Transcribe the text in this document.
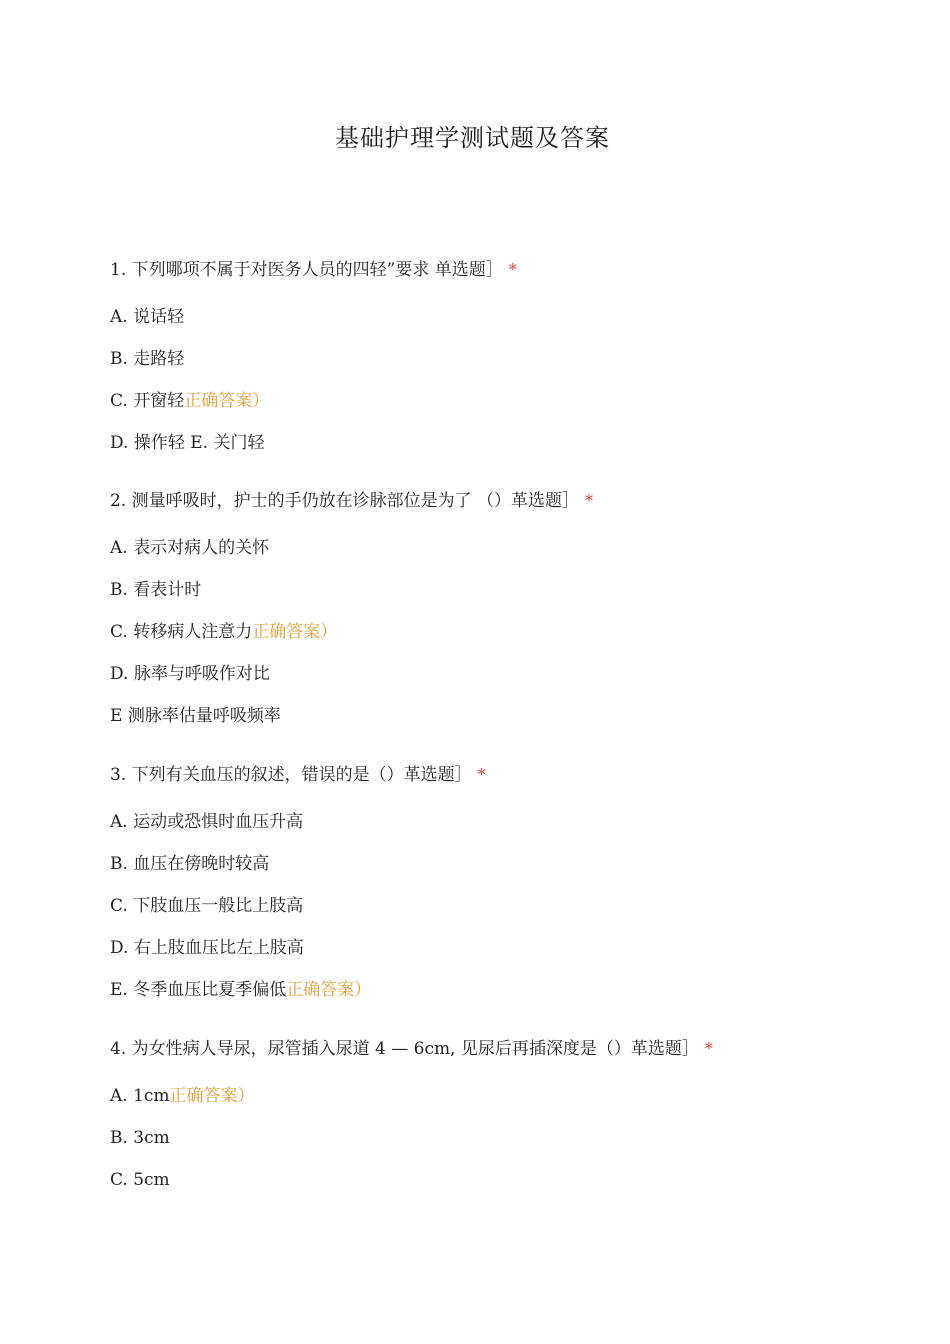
基础护理学测试题及答案
1. 下列哪项不属于对医务人员的四轻”要求 单选题］ *
A. 说话轻
B. 走路轻
C. 开窗轻正确答案）
D. 操作轻 E. 关门轻
2. 测量呼吸时，护士的手仍放在诊脉部位是为了 （）革选题］ *
A. 表示对病人的关怀
B. 看表计时
C. 转移病人注意力正确答案）
D. 脉率与呼吸作对比
E 测脉率估量呼吸频率
3. 下列有关血压的叙述，错误的是（）革选题］ *
A. 运动或恐惧时血压升高
B. 血压在傍晚时较高
C. 下肢血压一般比上肢高
D. 右上肢血压比左上肢高
E. 冬季血压比夏季偏低正确答案）
4. 为女性病人导尿，尿管插入尿道 4 — 6cm, 见尿后再插深度是（）革选题］ *
A. 1cm正确答案）
B. 3cm
C. 5cm
